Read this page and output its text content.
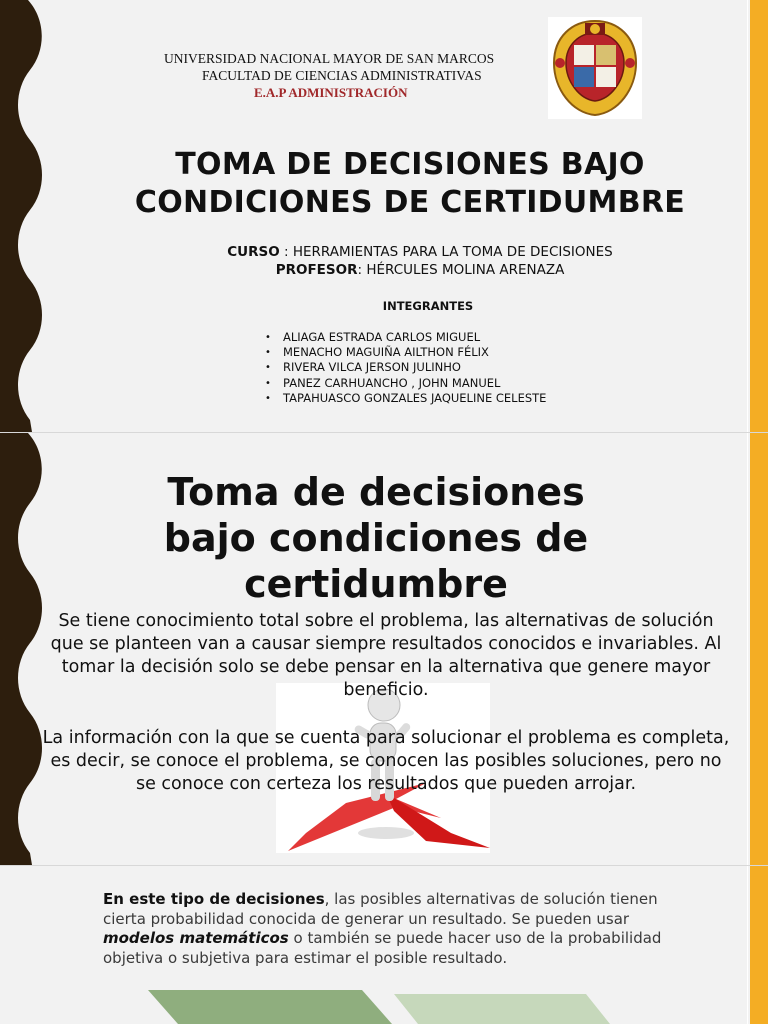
UNIVERSIDAD NACIONAL MAYOR DE SAN MARCOS
FACULTAD DE CIENCIAS ADMINISTRATIVAS
E.A.P ADMINISTRACIÓN
TOMA DE DECISIONES BAJO
CONDICIONES DE CERTIDUMBRE
CURSO : HERRAMIENTAS PARA LA TOMA DE DECISIONES
PROFESOR: HÉRCULES MOLINA ARENAZA
INTEGRANTES
• ALIAGA ESTRADA CARLOS MIGUEL
• MENACHO MAGUIÑA AILTHON FÉLIX
• RIVERA VILCA JERSON JULINHO
• PANEZ CARHUANCHO , JOHN MANUEL
• TAPAHUASCO GONZALES JAQUELINE CELESTE
Toma de decisiones
bajo condiciones de
certidumbre
Se tiene conocimiento total sobre el problema, las alternativas de solución que se planteen van a causar siempre resultados conocidos e invariables. Al tomar la decisión solo se debe pensar en la alternativa que genere mayor beneficio.
La información con la que se cuenta para solucionar el problema es completa, es decir, se conoce el problema, se conocen las posibles soluciones, pero no se conoce con certeza los resultados que pueden arrojar.
En este tipo de decisiones, las posibles alternativas de solución tienen cierta probabilidad conocida de generar un resultado. Se pueden usar modelos matemáticos o también se puede hacer uso de la probabilidad objetiva o subjetiva para estimar el posible resultado.
